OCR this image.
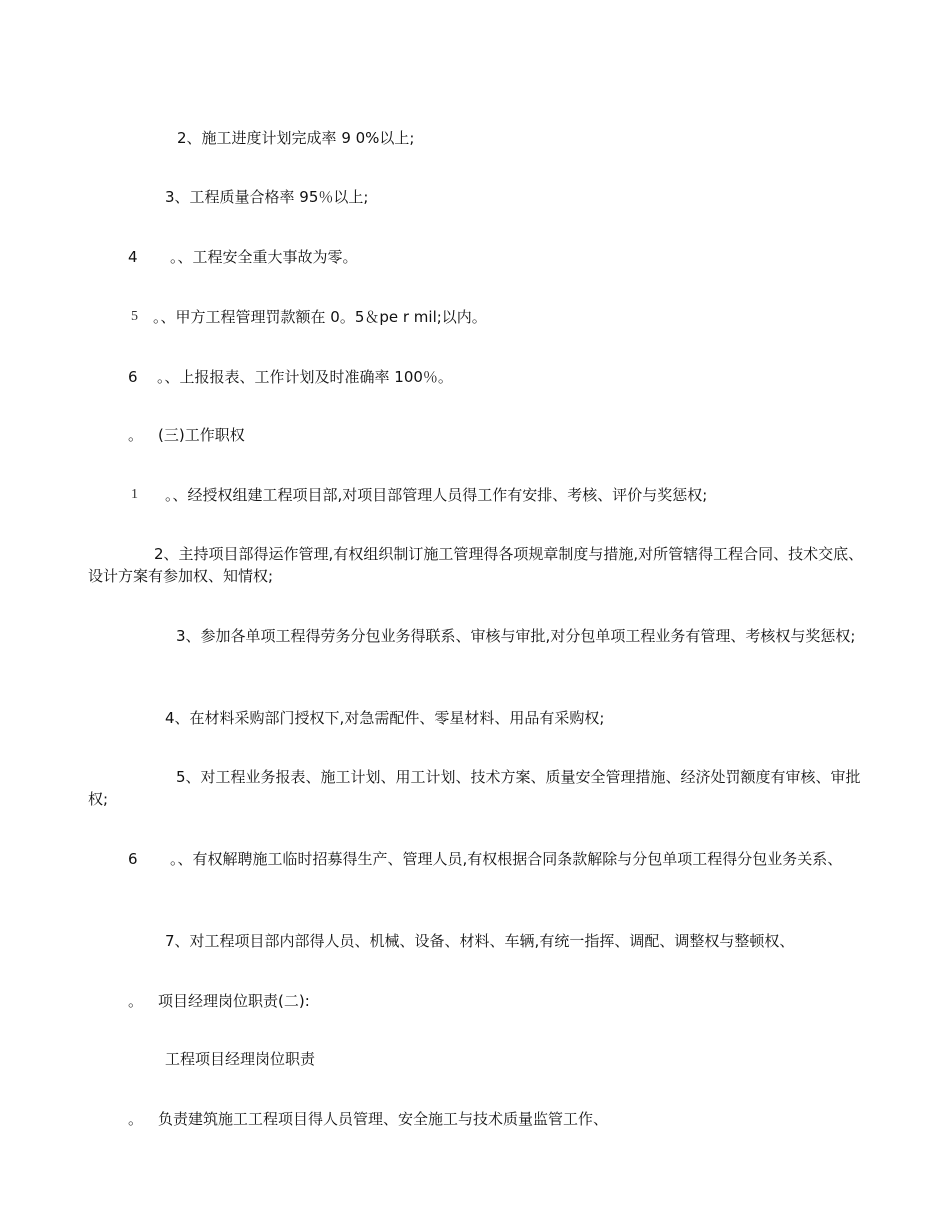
2、施工进度计划完成率 9 0%以上;
3、工程质量合格率 95％以上;
4 。、工程安全重大事故为零。
5 。、甲方工程管理罚款额在 0。5＆pe r mil;以内。
6 。、上报报表、工作计划及时准确率 100％。
。 (三)工作职权
1 。、经授权组建工程项目部,对项目部管理人员得工作有安排、考核、评价与奖惩权;
2、主持项目部得运作管理,有权组织制订施工管理得各项规章制度与措施,对所管辖得工程合同、技术交底、设计方案有参加权、知情权;
3、参加各单项工程得劳务分包业务得联系、审核与审批,对分包单项工程业务有管理、考核权与奖惩权;
4、在材料采购部门授权下,对急需配件、零星材料、用品有采购权;
5、对工程业务报表、施工计划、用工计划、技术方案、质量安全管理措施、经济处罚额度有审核、审批权;
6	。、有权解聘施工临时招募得生产、管理人员,有权根据合同条款解除与分包单项工程得分包业务关系、
7、对工程项目部内部得人员、机械、设备、材料、车辆,有统一指挥、调配、调整权与整顿权、
。 项目经理岗位职责(二):
工程项目经理岗位职责
。 负责建筑施工工程项目得人员管理、安全施工与技术质量监管工作、
